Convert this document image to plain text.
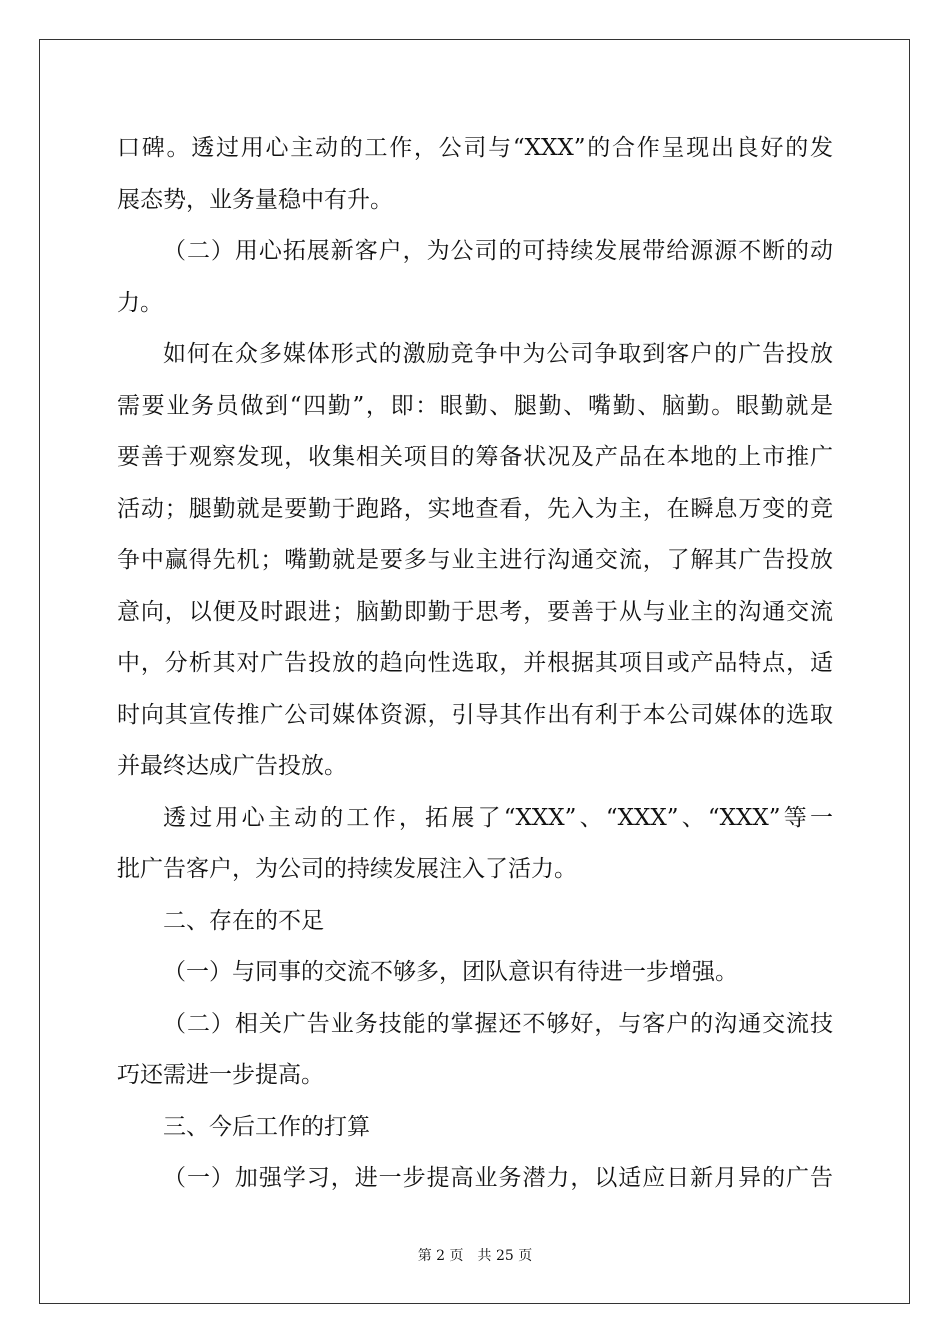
口碑。透过用心主动的工作，公司与“XXX”的合作呈现出良好的发
展态势，业务量稳中有升。
（二）用心拓展新客户，为公司的可持续发展带给源源不断的动
力。
如何在众多媒体形式的激励竞争中为公司争取到客户的广告投放
需要业务员做到“四勤”，即：眼勤、腿勤、嘴勤、脑勤。眼勤就是
要善于观察发现，收集相关项目的筹备状况及产品在本地的上市推广
活动；腿勤就是要勤于跑路，实地查看，先入为主，在瞬息万变的竞
争中赢得先机；嘴勤就是要多与业主进行沟通交流，了解其广告投放
意向，以便及时跟进；脑勤即勤于思考，要善于从与业主的沟通交流
中，分析其对广告投放的趋向性选取，并根据其项目或产品特点，适
时向其宣传推广公司媒体资源，引导其作出有利于本公司媒体的选取
并最终达成广告投放。
透过用心主动的工作，拓展了“XXX”、“XXX”、“XXX”等一
批广告客户，为公司的持续发展注入了活力。
二、存在的不足
（一）与同事的交流不够多，团队意识有待进一步增强。
（二）相关广告业务技能的掌握还不够好，与客户的沟通交流技
巧还需进一步提高。
三、今后工作的打算
（一）加强学习，进一步提高业务潜力，以适应日新月异的广告
第 2 页　共 25 页
